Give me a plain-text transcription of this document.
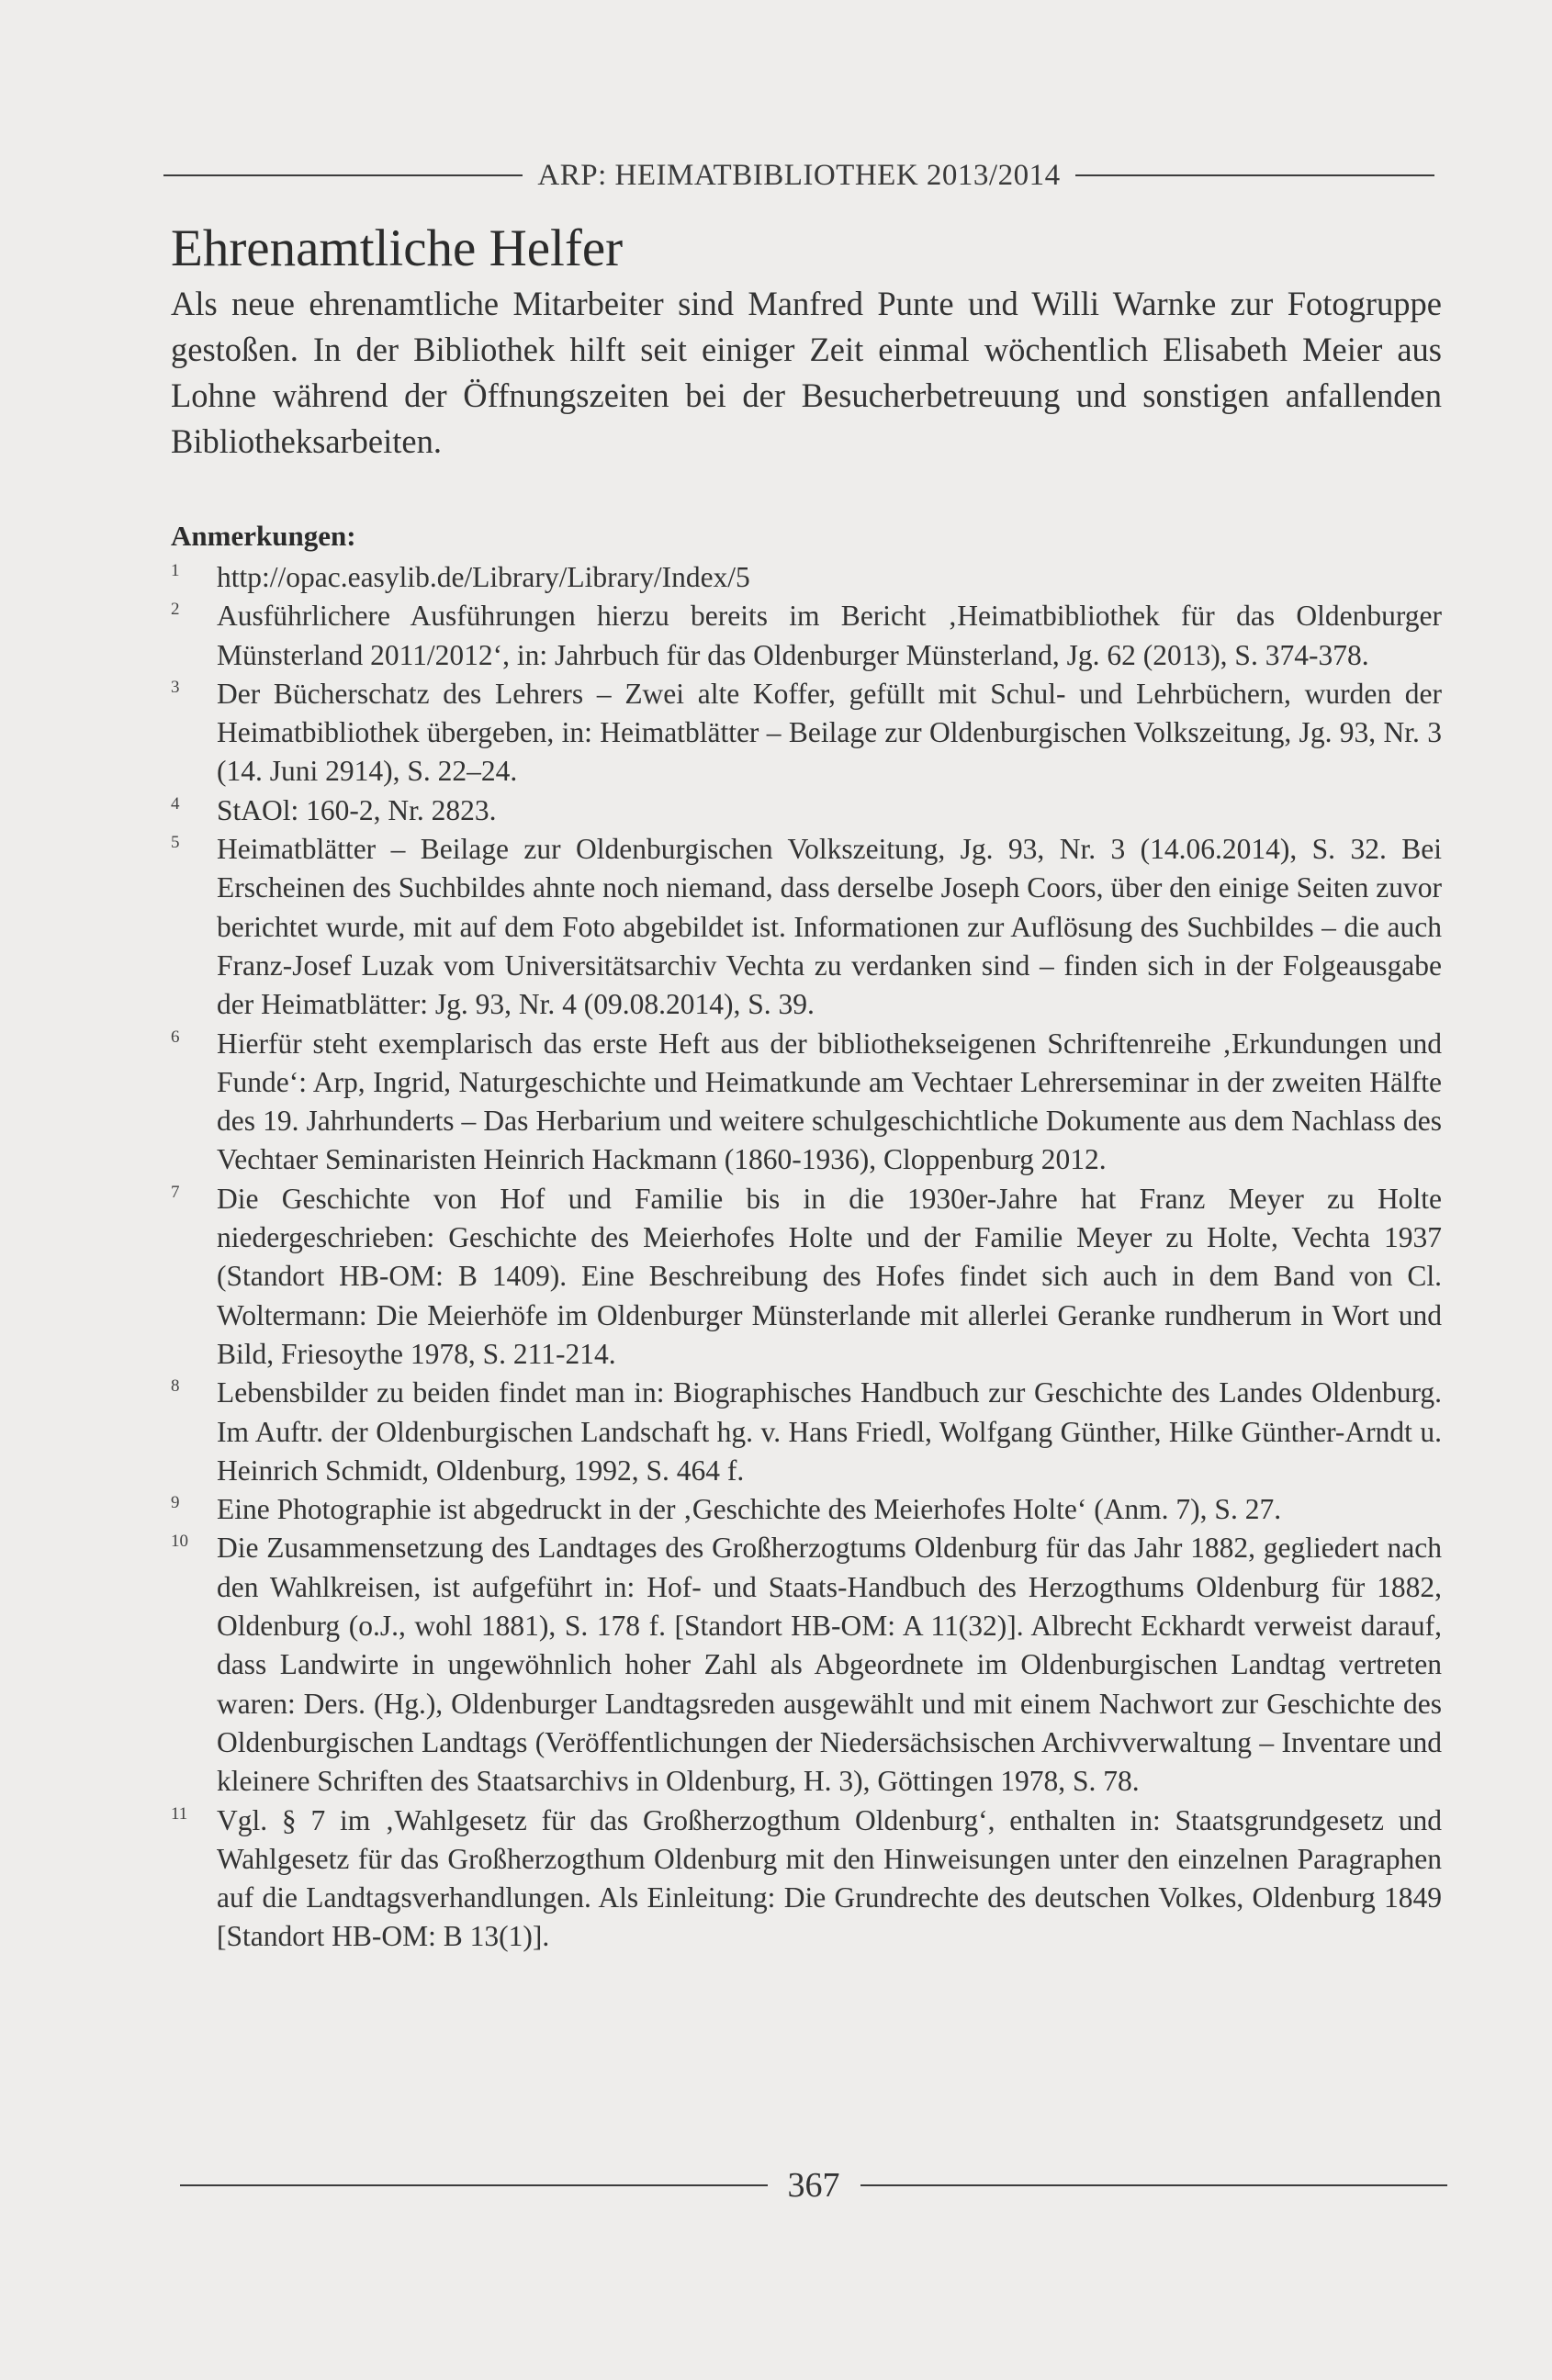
ARP: HEIMATBIBLIOTHEK 2013/2014
Ehrenamtliche Helfer

Als neue ehrenamtliche Mitarbeiter sind Manfred Punte und Willi Warnke zur Fotogruppe gestoßen. In der Bibliothek hilft seit einiger Zeit einmal wöchentlich Elisabeth Meier aus Lohne während der Öffnungszeiten bei der Besucherbetreuung und sonstigen anfallenden Bibliotheksarbeiten.

Anmerkungen:
1	http://opac.easylib.de/Library/Library/Index/5
2	Ausführlichere Ausführungen hierzu bereits im Bericht ‚Heimatbibliothek für das Oldenburger Münsterland 2011/2012‘, in: Jahrbuch für das Oldenburger Münsterland, Jg. 62 (2013), S. 374-378.
3	Der Bücherschatz des Lehrers – Zwei alte Koffer, gefüllt mit Schul- und Lehrbüchern, wurden der Heimatbibliothek übergeben, in: Heimatblätter – Beilage zur Oldenburgischen Volkszeitung, Jg. 93, Nr. 3 (14. Juni 2914), S. 22–24.
4	StAOl: 160-2, Nr. 2823.
5	Heimatblätter – Beilage zur Oldenburgischen Volkszeitung, Jg. 93, Nr. 3 (14.06.2014), S. 32. Bei Erscheinen des Suchbildes ahnte noch niemand, dass derselbe Joseph Coors, über den einige Seiten zuvor berichtet wurde, mit auf dem Foto abgebildet ist. Informationen zur Auflösung des Suchbildes – die auch Franz-Josef Luzak vom Universitätsarchiv Vechta zu verdanken sind – finden sich in der Folgeausgabe der Heimatblätter: Jg. 93, Nr. 4 (09.08.2014), S. 39.
6	Hierfür steht exemplarisch das erste Heft aus der bibliothekseigenen Schriftenreihe ‚Erkundungen und Funde‘: Arp, Ingrid, Naturgeschichte und Heimatkunde am Vechtaer Lehrerseminar in der zweiten Hälfte des 19. Jahrhunderts – Das Herbarium und weitere schulgeschichtliche Dokumente aus dem Nachlass des Vechtaer Seminaristen Heinrich Hackmann (1860-1936), Cloppenburg 2012.
7	Die Geschichte von Hof und Familie bis in die 1930er-Jahre hat Franz Meyer zu Holte niedergeschrieben: Geschichte des Meierhofes Holte und der Familie Meyer zu Holte, Vechta 1937 (Standort HB-OM: B 1409). Eine Beschreibung des Hofes findet sich auch in dem Band von Cl. Woltermann: Die Meierhöfe im Oldenburger Münsterlande mit allerlei Geranke rundherum in Wort und Bild, Friesoythe 1978, S. 211-214.
8	Lebensbilder zu beiden findet man in: Biographisches Handbuch zur Geschichte des Landes Oldenburg. Im Auftr. der Oldenburgischen Landschaft hg. v. Hans Friedl, Wolfgang Günther, Hilke Günther-Arndt u. Heinrich Schmidt, Oldenburg, 1992, S. 464 f.
9	Eine Photographie ist abgedruckt in der ‚Geschichte des Meierhofes Holte‘ (Anm. 7), S. 27.
10 Die Zusammensetzung des Landtages des Großherzogtums Oldenburg für das Jahr 1882, gegliedert nach den Wahlkreisen, ist aufgeführt in: Hof- und Staats-Handbuch des Herzogthums Oldenburg für 1882, Oldenburg (o.J., wohl 1881), S. 178 f. [Standort HB-OM: A 11(32)]. Albrecht Eckhardt verweist darauf, dass Landwirte in ungewöhnlich hoher Zahl als Abgeordnete im Oldenburgischen Landtag vertreten waren: Ders. (Hg.), Oldenburger Landtagsreden ausgewählt und mit einem Nachwort zur Geschichte des Oldenburgischen Landtags (Veröffentlichungen der Niedersächsischen Archivverwaltung – Inventare und kleinere Schriften des Staatsarchivs in Oldenburg, H. 3), Göttingen 1978, S. 78.
11	Vgl. § 7 im ‚Wahlgesetz für das Großherzogthum Oldenburg‘, enthalten in: Staatsgrundgesetz und Wahlgesetz für das Großherzogthum Oldenburg mit den Hinweisungen unter den einzelnen Paragraphen auf die Landtagsverhandlungen. Als Einleitung: Die Grundrechte des deutschen Volkes, Oldenburg 1849 [Standort HB-OM: B 13(1)].
367
